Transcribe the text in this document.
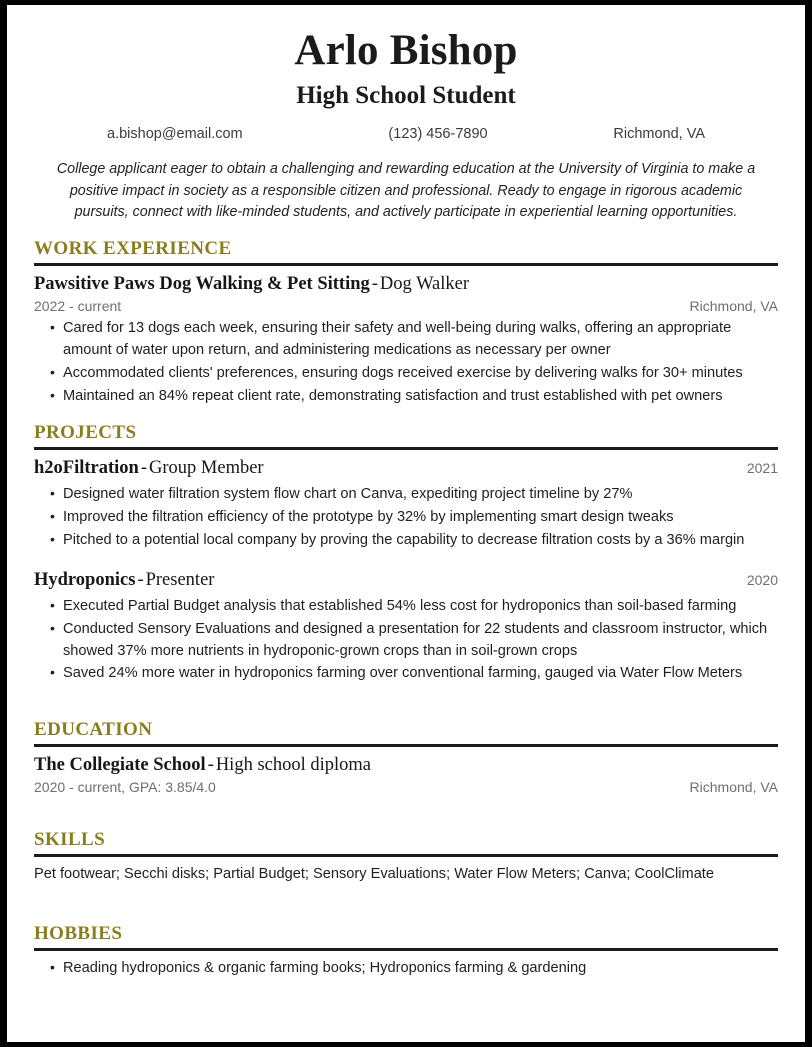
Arlo Bishop
High School Student
a.bishop@email.com	(123) 456-7890	Richmond, VA
College applicant eager to obtain a challenging and rewarding education at the University of Virginia to make a positive impact in society as a responsible citizen and professional. Ready to engage in rigorous academic pursuits, connect with like-minded students, and actively participate in experiential learning opportunities.
WORK EXPERIENCE
Pawsitive Paws Dog Walking & Pet Sitting - Dog Walker
2022 - current	Richmond, VA
• Cared for 13 dogs each week, ensuring their safety and well-being during walks, offering an appropriate amount of water upon return, and administering medications as necessary per owner
• Accommodated clients' preferences, ensuring dogs received exercise by delivering walks for 30+ minutes
• Maintained an 84% repeat client rate, demonstrating satisfaction and trust established with pet owners
PROJECTS
h2oFiltration - Group Member	2021
• Designed water filtration system flow chart on Canva, expediting project timeline by 27%
• Improved the filtration efficiency of the prototype by 32% by implementing smart design tweaks
• Pitched to a potential local company by proving the capability to decrease filtration costs by a 36% margin
Hydroponics - Presenter	2020
• Executed Partial Budget analysis that established 54% less cost for hydroponics than soil-based farming
• Conducted Sensory Evaluations and designed a presentation for 22 students and classroom instructor, which showed 37% more nutrients in hydroponic-grown crops than in soil-grown crops
• Saved 24% more water in hydroponics farming over conventional farming, gauged via Water Flow Meters
EDUCATION
The Collegiate School - High school diploma
2020 - current, GPA: 3.85/4.0	Richmond, VA
SKILLS
Pet footwear; Secchi disks; Partial Budget; Sensory Evaluations; Water Flow Meters; Canva; CoolClimate
HOBBIES
• Reading hydroponics & organic farming books; Hydroponics farming & gardening
